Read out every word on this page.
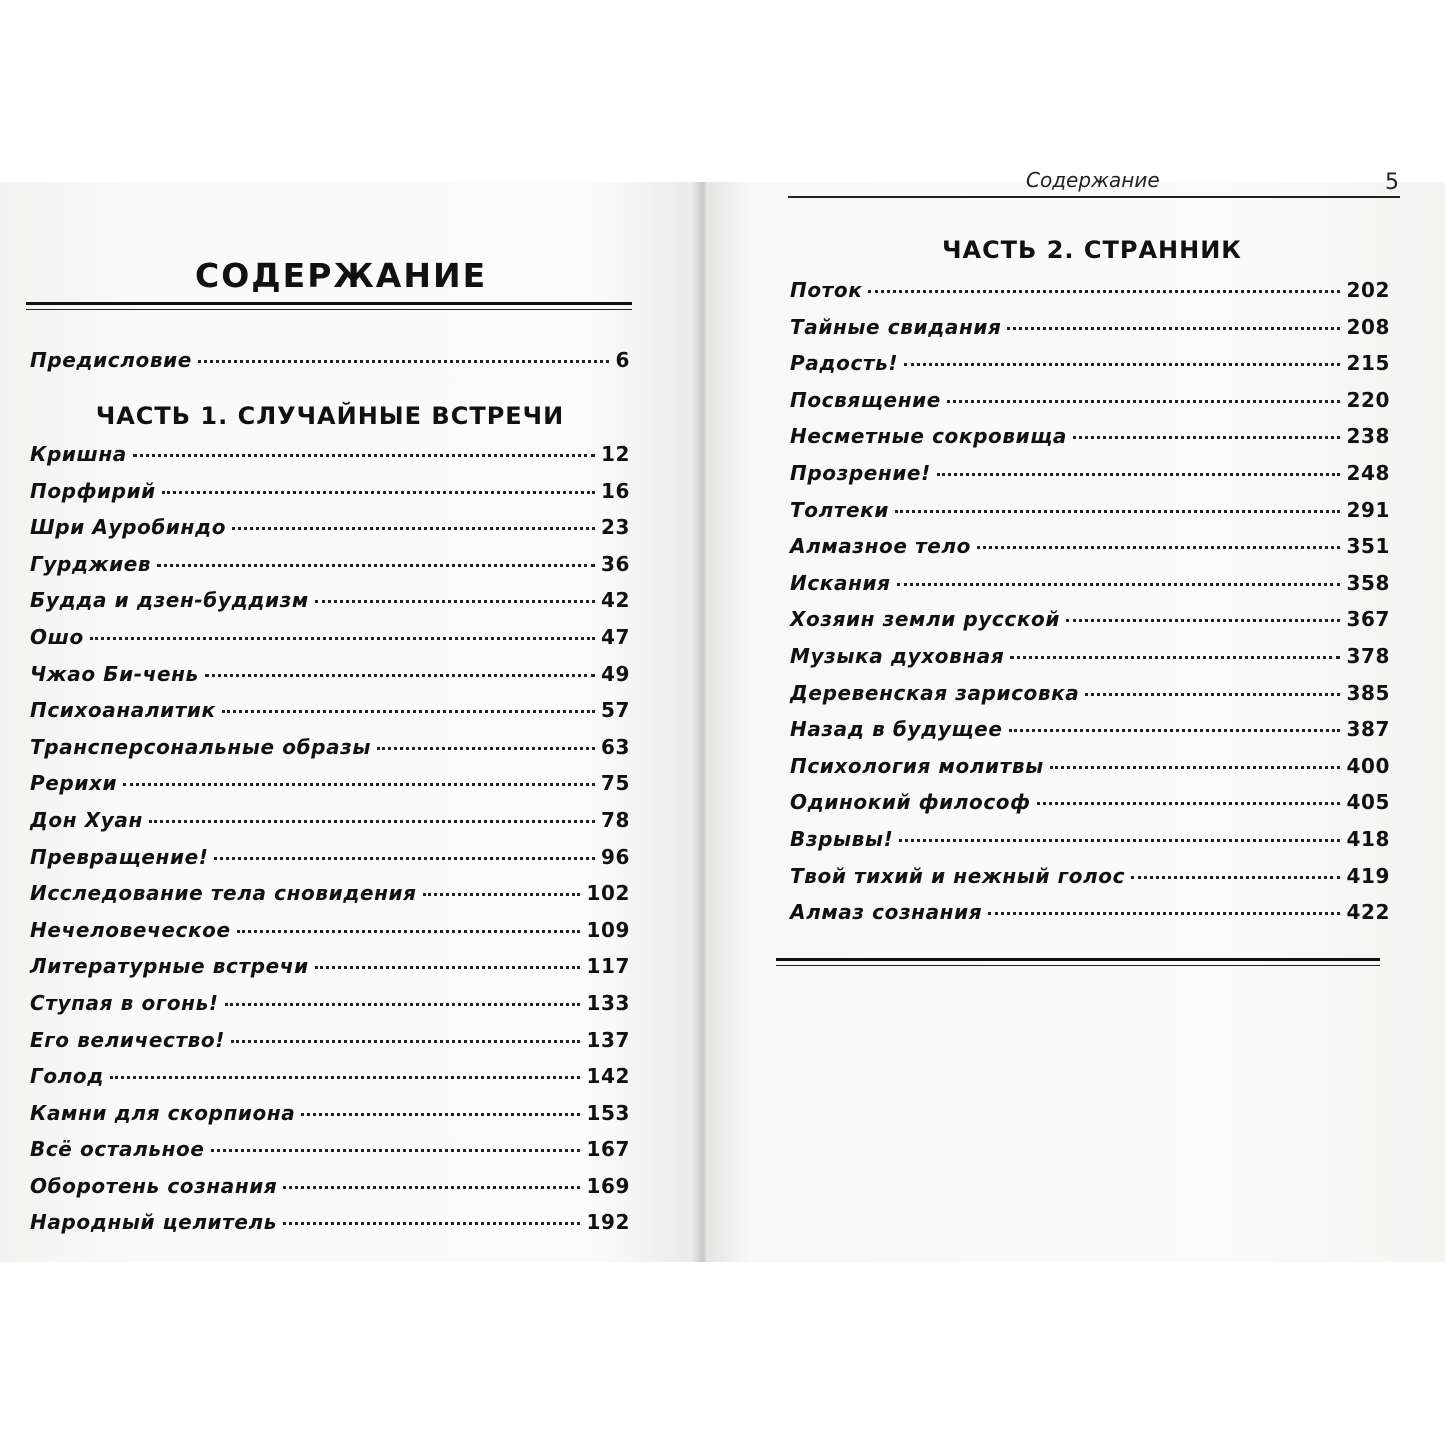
СОДЕРЖАНИЕ
Предисловие	6
ЧАСТЬ 1. СЛУЧАЙНЫЕ ВСТРЕЧИ
Кришна	12
Порфирий	16
Шри Ауробиндо	23
Гурджиев	36
Будда и дзен-буддизм	42
Ошо	47
Чжао Би-чень	49
Психоаналитик	57
Трансперсональные образы	63
Рерихи	75
Дон Хуан	78
Превращение!	96
Исследование тела сновидения	102
Нечеловеческое	109
Литературные встречи	117
Ступая в огонь!	133
Его величество!	137
Голод	142
Камни для скорпиона	153
Всё остальное	167
Оборотень сознания	169
Народный целитель	192
Содержание	5
ЧАСТЬ 2. СТРАННИК
Поток	202
Тайные свидания	208
Радость!	215
Посвящение	220
Несметные сокровища	238
Прозрение!	248
Толтеки	291
Алмазное тело	351
Искания	358
Хозяин земли русской	367
Музыка духовная	378
Деревенская зарисовка	385
Назад в будущее	387
Психология молитвы	400
Одинокий философ	405
Взрывы!	418
Твой тихий и нежный голос	419
Алмаз сознания	422
